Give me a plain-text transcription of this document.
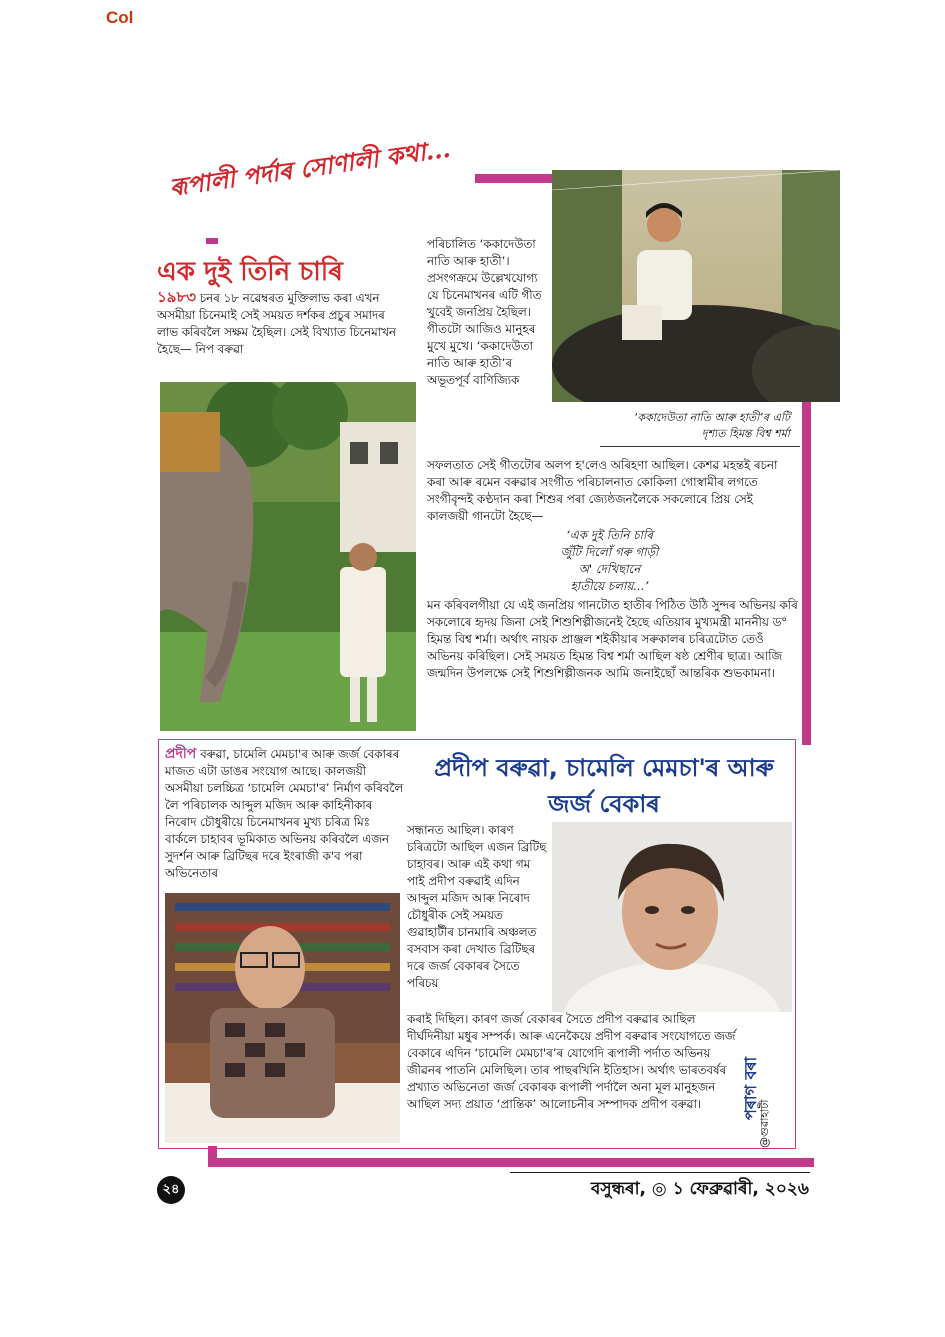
Col
ৰূপালী পৰ্দাৰ সোণালী কথা...
‘ককাদেউতা নাতি আৰু হাতী’ৰ এটি
দৃশ্যত হিমন্ত বিশ্ব শৰ্মা
এক দুই তিনি চাৰি
১৯৮৩ চনৰ ১৮ নৱেম্বৰত মুক্তিলাভ কৰা এখন অসমীয়া চিনেমাই সেই সময়ত দৰ্শকৰ প্ৰচুৰ সমাদৰ লাভ কৰিবলৈ সক্ষম হৈছিল। সেই বিখ্যাত চিনেমাখন হৈছে— নিপ বৰুৱা
পৰিচালিত ‘ককাদেউতা নাতি আৰু হাতী’। প্ৰসংগক্ৰমে উল্লেখযোগ্য যে চিনেমাখনৰ এটি গীত খুবেই জনপ্ৰিয় হৈছিল। গীতটো আজিও মানুহৰ মুখে মুখে। ‘ককাদেউতা নাতি আৰু হাতী’ৰ অভূতপূৰ্ব বাণিজ্যিক
সফলতাত সেই গীতটোৰ অলপ হ'লেও অৰিহণা আছিল। কেশৱ মহন্তই ৰচনা কৰা আৰু ৰমেন বৰুৱাৰ সংগীত পৰিচালনাত কোকিলা গোস্বামীৰ লগতে সংগীবৃন্দই কণ্ঠদান কৰা শিশুৰ পৰা জ্যেষ্ঠজনলৈকে সকলোৰে প্ৰিয় সেই কালজয়ী গানটো হৈছে—
‘এক দুই তিনি চাৰি
জুঁটি দিলোঁ গৰু গাড়ী
অ' দেখিছানে
হাতীয়ে চলায়...’
মন কৰিবলগীয়া যে এই জনপ্ৰিয় গানটোত হাতীৰ পিঠিত উঠি সুন্দৰ অভিনয় কৰি সকলোৰে হৃদয় জিনা সেই শিশুশিল্পীজনেই হৈছে এতিয়াৰ মুখ্যমন্ত্ৰী মাননীয় ড° হিমন্ত বিশ্ব শৰ্মা। অৰ্থাৎ নায়ক প্ৰাঞ্জল শইকীয়াৰ সৰুকালৰ চৰিত্ৰটোত তেওঁ অভিনয় কৰিছিল। সেই সময়ত হিমন্ত বিশ্ব শৰ্মা আছিল ষষ্ঠ শ্ৰেণীৰ ছাত্ৰ। আজি জন্মদিন উপলক্ষে সেই শিশুশিল্পীজনক আমি জনাইছোঁ আন্তৰিক শুভকামনা।
প্ৰদীপ বৰুৱা, চামেলি মেমচা'ৰ আৰু
জৰ্জ বেকাৰ
প্ৰদীপ বৰুৱা, চামেলি মেমচা'ৰ আৰু জৰ্জ বেকাৰৰ মাজত এটা ডাঙৰ সংযোগ আছে। কালজয়ী অসমীয়া চলচ্চিত্ৰ ‘চামেলি মেমচা'ৰ’ নিৰ্মাণ কৰিবলৈ লৈ পৰিচালক আব্দুল মজিদ আৰু কাহিনীকাৰ নিৰোদ চৌধুৰীয়ে চিনেমাখনৰ মুখ্য চৰিত্ৰ মিঃ বাৰ্কলে চাহাবৰ ভূমিকাত অভিনয় কৰিবলৈ এজন সুদৰ্শন আৰু ব্ৰিটিছৰ দৰে ইংৰাজী ক'ব পৰা অভিনেতাৰ
সন্ধানত আছিল। কাৰণ চৰিত্ৰটো আছিল এজন ব্ৰিটিছ চাহাবৰ। আৰু এই কথা গম পাই প্ৰদীপ বৰুৱাই এদিন আব্দুল মজিদ আৰু নিৰোদ চৌধুৰীক সেই সময়ত গুৱাহাটীৰ চানমাৰি অঞ্চলত বসবাস কৰা দেখাত ব্ৰিটিছৰ দৰে জৰ্জ বেকাৰৰ সৈতে পৰিচয়
কৰাই দিছিল। কাৰণ জৰ্জ বেকাৰৰ সৈতে প্ৰদীপ বৰুৱাৰ আছিল দীৰ্ঘদিনীয়া মধুৰ সম্পৰ্ক। আৰু এনেকৈয়ে প্ৰদীপ বৰুৱাৰ সংযোগতে জৰ্জ বেকাৰে এদিন ‘চামেলি মেমচা'ৰ’ৰ যোগেদি ৰূপালী পৰ্দাত অভিনয় জীৱনৰ পাতনি মেলিছিল। তাৰ পাছৰখিনি ইতিহাস। অৰ্থাৎ ভাৰতবৰ্ষৰ প্ৰখ্যাত অভিনেতা জৰ্জ বেকাৰক ৰূপালী পৰ্দালৈ অনা মূল মানুহজন আছিল সদ্য প্ৰয়াত ‘প্ৰান্তিক’ আলোচনীৰ সম্পাদক প্ৰদীপ বৰুৱা।	পৰাগ বৰা
@গুৱাহাটী
২৪	বসুন্ধৰা, ◎ ১ ফেব্ৰুৱাৰী, ২০২৬
